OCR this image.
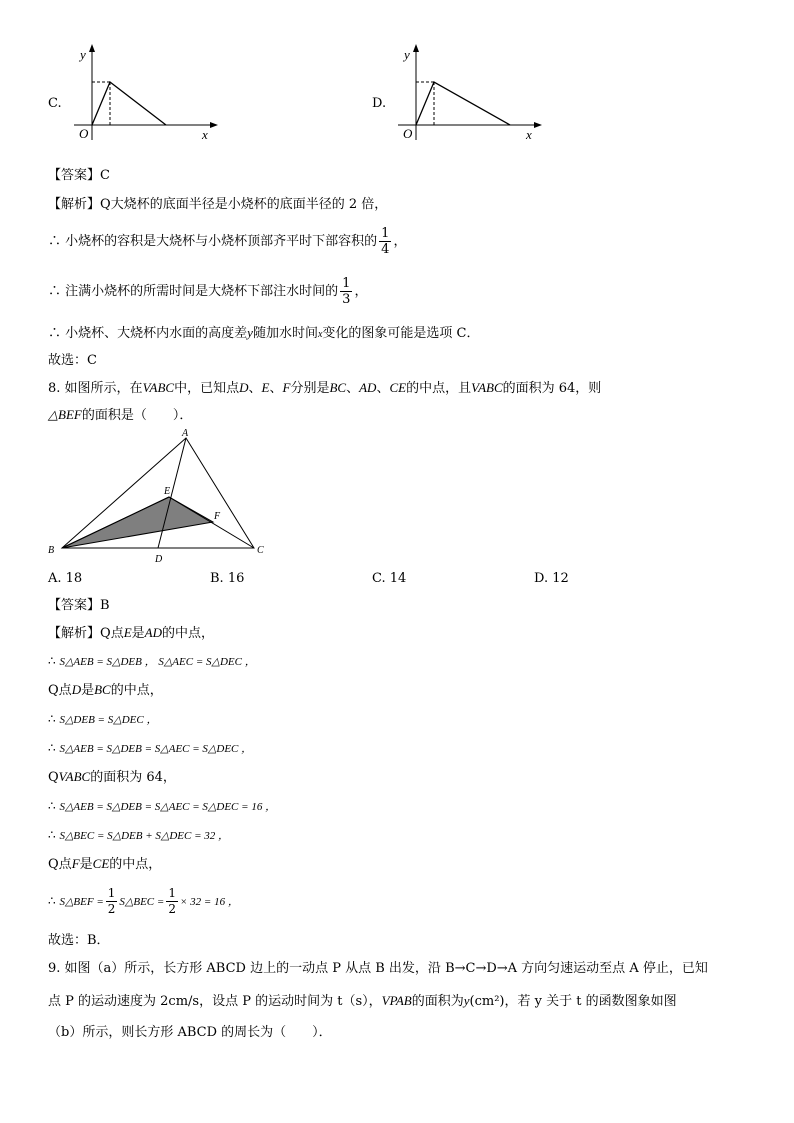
C.
y
O	x
D.
y
O	x
【答案】C
【解析】Q大烧杯的底面半径是小烧杯的底面半径的 2 倍，
∴ 小烧杯的容积是大烧杯与小烧杯顶部齐平时下部容积的 $\frac{1}{4}$ ，
∴ 注满小烧杯的所需时间是大烧杯下部注水时间的 $\frac{1}{3}$ ，
∴ 小烧杯、大烧杯内水面的高度差y随加水时间x变化的图象可能是选项 C．
故选：C
8. 如图所示，在VABC中，已知点D、E、F分别是BC、AD、CE的中点，且VABC的面积为 64，则
△BEF的面积是（　　）．
A
B	C
D
E
F
A. 18	B. 16	C. 14	D. 12
【答案】B
【解析】Q点E是AD的中点，
∴ S△AEB = S△DEB ， S△AEC = S△DEC ，
Q点D是BC的中点，
∴ S△DEB = S△DEC ，
∴ S△AEB = S△DEB = S△AEC = S△DEC ，
QVABC的面积为 64，
∴ S△AEB = S△DEB = S△AEC = S△DEC = 16 ，
∴ S△BEC = S△DEB + S△DEC = 32 ，
Q点F是CE的中点，
∴ S△BEF = $\frac{1}{2}$ S△BEC = $\frac{1}{2} \times 32 = 16$ ，
故选：B．
9. 如图（a）所示，长方形 ABCD 边上的一动点 P 从点 B 出发，沿 B→C→D→A 方向匀速运动至点 A 停止，已知
点 P 的运动速度为 2cm/s，设点 P 的运动时间为 t（s），VPAB的面积为y(cm²)，若 y 关于 t 的函数图象如图
（b）所示，则长方形 ABCD 的周长为（　　）．
